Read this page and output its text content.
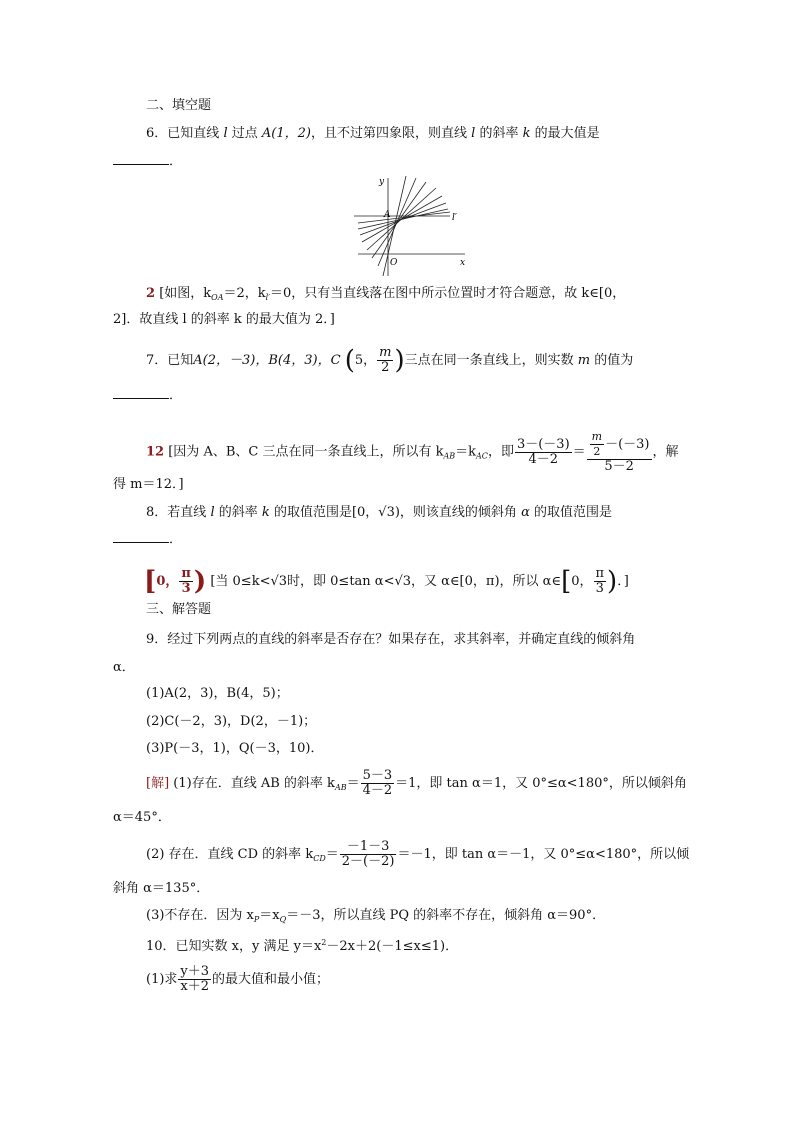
二、填空题
6．已知直线 l 过点 A(1，2)，且不过第四象限，则直线 l 的斜率 k 的最大值是
．
y
A	l′
O	x
2 [如图，$k_{OA}=2$，$k_{l'}=0$，只有当直线落在图中所示位置时才符合题意，故 k∈[0，
2]．故直线 l 的斜率 k 的最大值为 2．]
7．已知A(2，－3)，B(4，3)，C (5， $\frac{m}{2}$ )三点在同一条直线上，则实数 m 的值为
．
12 [因为 A、B、C 三点在同一条直线上，所以有 $k_{AB}=k_{AC}$，即 $\frac{3-(-3)}{4-2} = \frac{\frac{m}{2} -(-3)}{5-2}$ ，解
得 m＝12．]
8．若直线 l 的斜率 k 的取值范围是[0，√3)，则该直线的倾斜角 α 的取值范围是
．
[0， $\frac{\pi}{3}$ ) [当 0≤k<√3时，即 0≤tan α<√3，又 α∈[0，π)，所以 α∈[0， $\frac{\pi}{3}$ )．]
三、解答题
9．经过下列两点的直线的斜率是否存在？如果存在，求其斜率，并确定直线的倾斜角
α．
(1)A(2，3)，B(4，5)；
(2)C(－2，3)，D(2，－1)；
(3)P(－3，1)，Q(－3，10)．
[解] (1)存在．直线 AB 的斜率 $k_{AB}= \frac{5-3}{4-2} =1$，即 tan α＝1，又 0°≤α<180°，所以倾斜角
α＝45°．
(2) 存在．直线 CD 的斜率 $k_{CD}= \frac{-1-3}{2-(-2)} =-1$，即 tan α＝－1，又 0°≤α<180°，所以倾
斜角 α＝135°．
(3)不存在．因为 $x_P=x_Q=-3$，所以直线 PQ 的斜率不存在，倾斜角 α＝90°．
10．已知实数 x，y 满足 $y=x^2-2x+2(-1\le x\le 1)$．
(1)求 $\frac{y+3}{x+2}$ 的最大值和最小值；
